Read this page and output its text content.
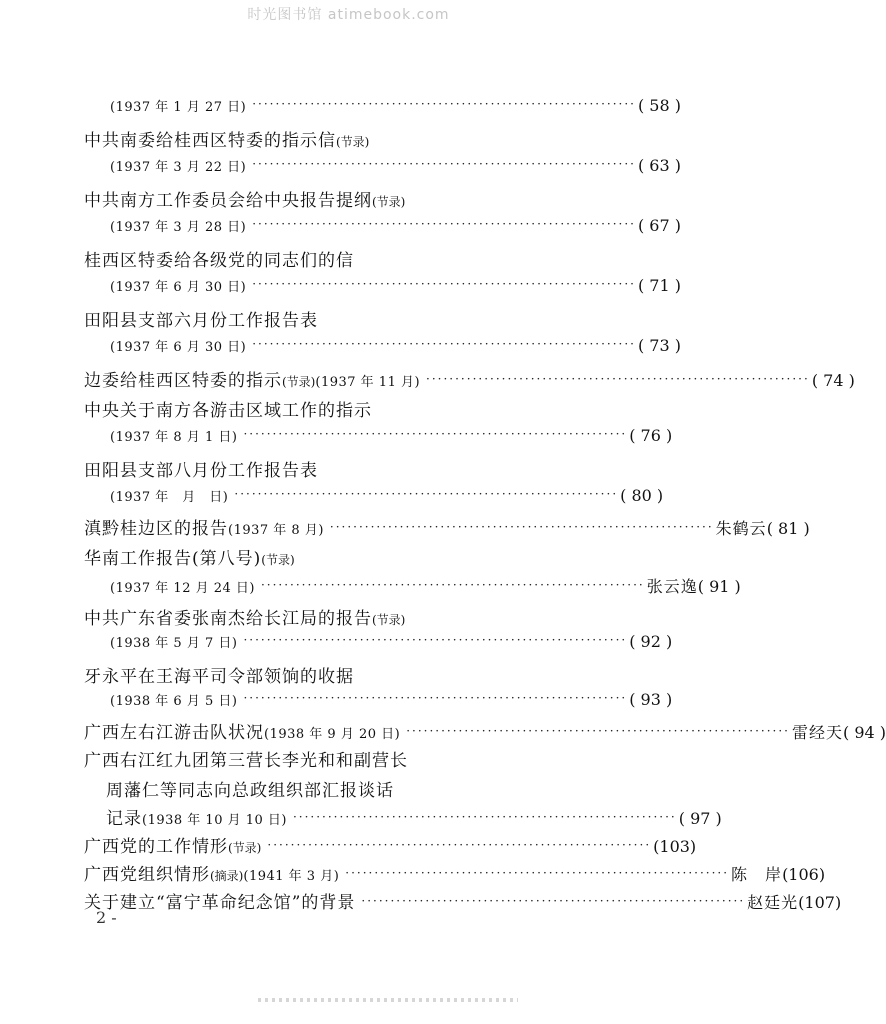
时光图书馆 atimebook.com
(1937 年 1 月 27 日) ·································································· ( 58 )
中共南委给桂西区特委的指示信 (节录)
(1937 年 3 月 22 日) ·································································· ( 63 )
中共南方工作委员会给中央报告提纲 (节录)
(1937 年 3 月 28 日) ·································································· ( 67 )
桂西区特委给各级党的同志们的信
(1937 年 6 月 30 日) ·································································· ( 71 )
田阳县支部六月份工作报告表
(1937 年 6 月 30 日) ·································································· ( 73 )
边委给桂西区特委的指示 (节录) (1937 年 11 月) ·································································· ( 74 )
中央关于南方各游击区域工作的指示
(1937 年 8 月 1 日) ·································································· ( 76 )
田阳县支部八月份工作报告表
(1937 年　月　日) ·································································· ( 80 )
滇黔桂边区的报告 (1937 年 8 月) ·································································· 朱鹤云 ( 81 )
华南工作报告(第八号) (节录)
(1937 年 12 月 24 日) ·································································· 张云逸 ( 91 )
中共广东省委张南杰给长江局的报告 (节录)
(1938 年 5 月 7 日) ·································································· ( 92 )
牙永平在王海平司令部领饷的收据
(1938 年 6 月 5 日) ·································································· ( 93 )
广西左右江游击队状况 (1938 年 9 月 20 日) ·································································· 雷经天 ( 94 )
广西右江红九团第三营长李光和和副营长
周藩仁等同志向总政组织部汇报谈话
记录 (1938 年 10 月 10 日) ·································································· ( 97 )
广西党的工作情形 (节录) ·································································· (103)
广西党组织情形 (摘录) (1941 年 3 月) ·································································· 陈　岸 (106)
关于建立“富宁革命纪念馆”的背景 ·································································· 赵廷光 (107)
2 -
